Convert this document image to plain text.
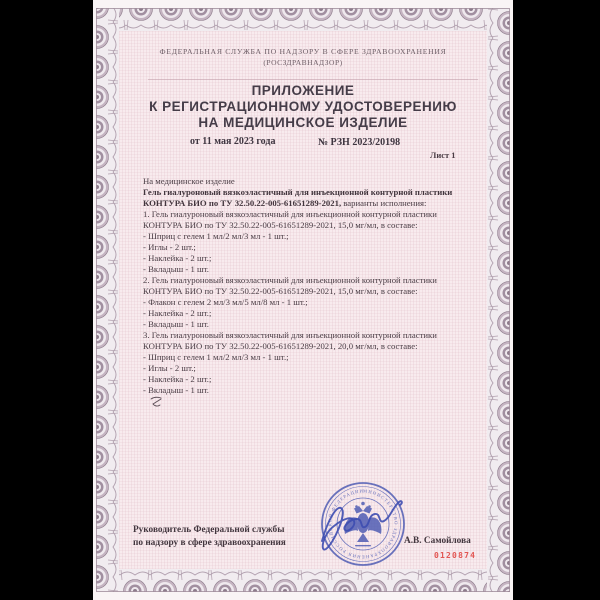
ФЕДЕРАЛЬНАЯ СЛУЖБА ПО НАДЗОРУ В СФЕРЕ ЗДРАВООХРАНЕНИЯ
(РОСЗДРАВНАДЗОР)
ПРИЛОЖЕНИЕ
К РЕГИСТРАЦИОННОМУ УДОСТОВЕРЕНИЮ
НА МЕДИЦИНСКОЕ ИЗДЕЛИЕ
от 11 мая 2023 года	№ РЗН 2023/20198
Лист 1
На медицинское изделие
Гель гиалуроновый вязкоэластичный для инъекционной контурной пластики
КОНТУРА БИО по ТУ 32.50.22-005-61651289-2021, варианты исполнения:
1. Гель гиалуроновый вязкоэластичный для инъекционной контурной пластики
КОНТУРА БИО по ТУ 32.50.22-005-61651289-2021, 15,0 мг/мл, в составе:
- Шприц с гелем 1 мл/2 мл/3 мл - 1 шт.;
- Иглы - 2 шт.;
- Наклейка - 2 шт.;
- Вкладыш - 1 шт.
2. Гель гиалуроновый вязкоэластичный для инъекционной контурной пластики
КОНТУРА БИО по ТУ 32.50.22-005-61651289-2021, 15,0 мг/мл, в составе:
- Флакон с гелем 2 мл/3 мл/5 мл/8 мл - 1 шт.;
- Наклейка - 2 шт.;
- Вкладыш - 1 шт.
3. Гель гиалуроновый вязкоэластичный для инъекционной контурной пластики
КОНТУРА БИО по ТУ 32.50.22-005-61651289-2021, 20,0 мг/мл, в составе:
- Шприц с гелем 1 мл/2 мл/3 мл - 1 шт.;
- Иглы - 2 шт.;
- Наклейка - 2 шт.;
- Вкладыш - 1 шт.
Руководитель Федеральной службы
по надзору в сфере здравоохранения
МИНИСТЕРСТВО ЗДРАВООХРАНЕНИЯ РОССИЙСКОЙ ФЕДЕРАЦИИ
А.В. Самойлова
0120874
